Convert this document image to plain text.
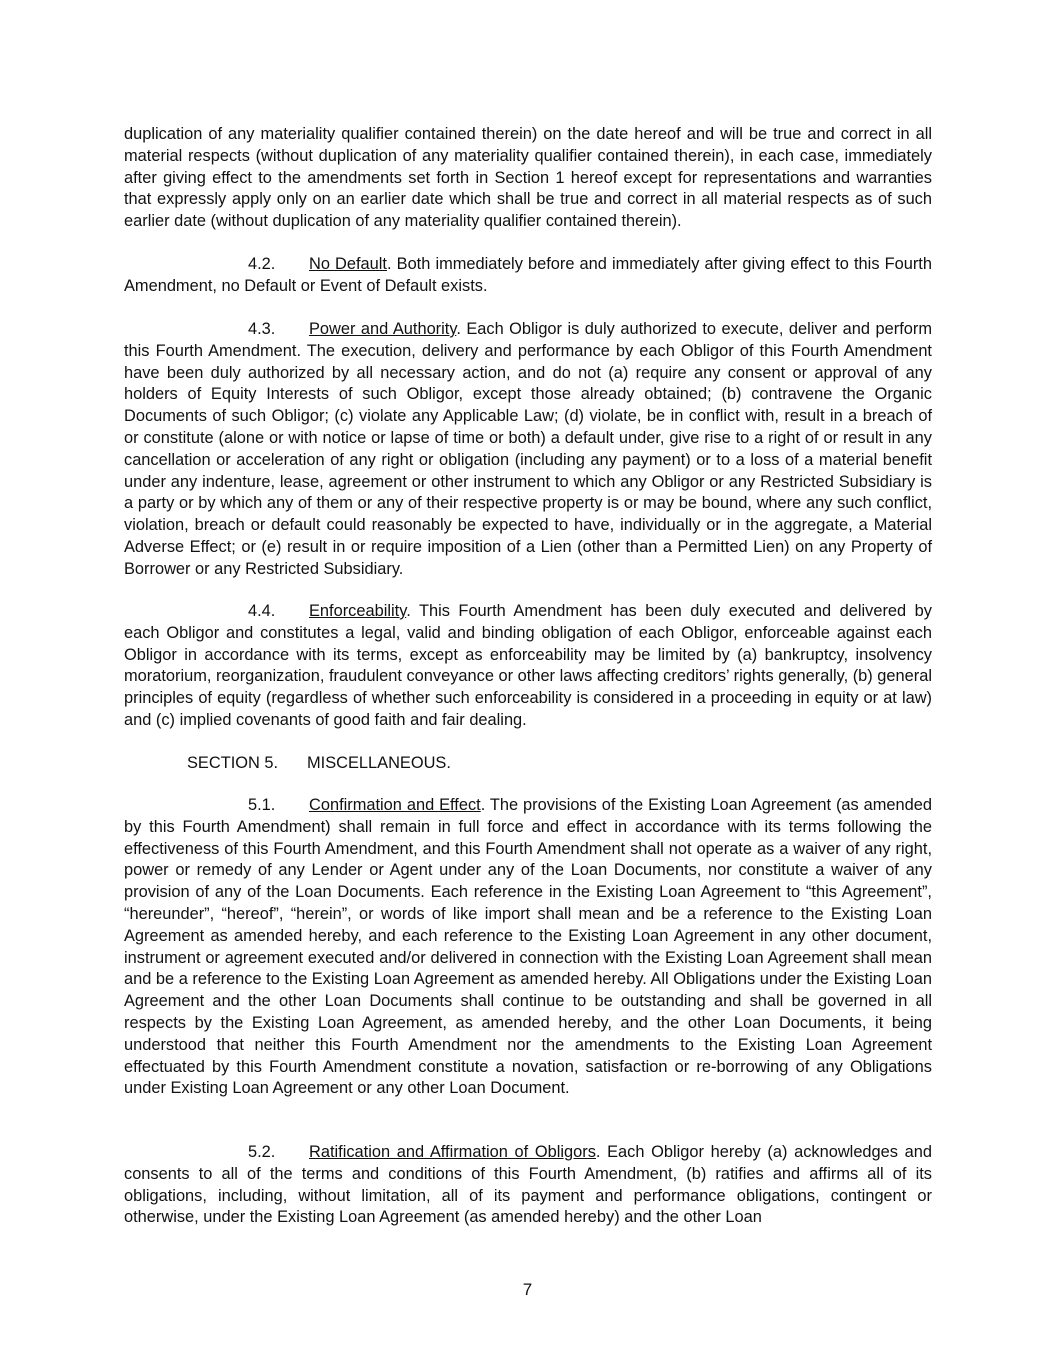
duplication of any materiality qualifier contained therein) on the date hereof and will be true and correct in all material respects (without duplication of any materiality qualifier contained therein), in each case, immediately after giving effect to the amendments set forth in Section 1 hereof except for representations and warranties that expressly apply only on an earlier date which shall be true and correct in all material respects as of such earlier date (without duplication of any materiality qualifier contained therein).

4.2. No Default. Both immediately before and immediately after giving effect to this Fourth Amendment, no Default or Event of Default exists.

4.3. Power and Authority. Each Obligor is duly authorized to execute, deliver and perform this Fourth Amendment. The execution, delivery and performance by each Obligor of this Fourth Amendment have been duly authorized by all necessary action, and do not (a) require any consent or approval of any holders of Equity Interests of such Obligor, except those already obtained; (b) contravene the Organic Documents of such Obligor; (c) violate any Applicable Law; (d) violate, be in conflict with, result in a breach of or constitute (alone or with notice or lapse of time or both) a default under, give rise to a right of or result in any cancellation or acceleration of any right or obligation (including any payment) or to a loss of a material benefit under any indenture, lease, agreement or other instrument to which any Obligor or any Restricted Subsidiary is a party or by which any of them or any of their respective property is or may be bound, where any such conflict, violation, breach or default could reasonably be expected to have, individually or in the aggregate, a Material Adverse Effect; or (e) result in or require imposition of a Lien (other than a Permitted Lien) on any Property of Borrower or any Restricted Subsidiary.

4.4. Enforceability. This Fourth Amendment has been duly executed and delivered by each Obligor and constitutes a legal, valid and binding obligation of each Obligor, enforceable against each Obligor in accordance with its terms, except as enforceability may be limited by (a) bankruptcy, insolvency moratorium, reorganization, fraudulent conveyance or other laws affecting creditors’ rights generally, (b) general principles of equity (regardless of whether such enforceability is considered in a proceeding in equity or at law) and (c) implied covenants of good faith and fair dealing.

SECTION 5. MISCELLANEOUS.

5.1. Confirmation and Effect. The provisions of the Existing Loan Agreement (as amended by this Fourth Amendment) shall remain in full force and effect in accordance with its terms following the effectiveness of this Fourth Amendment, and this Fourth Amendment shall not operate as a waiver of any right, power or remedy of any Lender or Agent under any of the Loan Documents, nor constitute a waiver of any provision of any of the Loan Documents. Each reference in the Existing Loan Agreement to “this Agreement”, “hereunder”, “hereof”, “herein”, or words of like import shall mean and be a reference to the Existing Loan Agreement as amended hereby, and each reference to the Existing Loan Agreement in any other document, instrument or agreement executed and/or delivered in connection with the Existing Loan Agreement shall mean and be a reference to the Existing Loan Agreement as amended hereby. All Obligations under the Existing Loan Agreement and the other Loan Documents shall continue to be outstanding and shall be governed in all respects by the Existing Loan Agreement, as amended hereby, and the other Loan Documents, it being understood that neither this Fourth Amendment nor the amendments to the Existing Loan Agreement effectuated by this Fourth Amendment constitute a novation, satisfaction or re-borrowing of any Obligations under Existing Loan Agreement or any other Loan Document.

5.2. Ratification and Affirmation of Obligors. Each Obligor hereby (a) acknowledges and consents to all of the terms and conditions of this Fourth Amendment, (b) ratifies and affirms all of its obligations, including, without limitation, all of its payment and performance obligations, contingent or otherwise, under the Existing Loan Agreement (as amended hereby) and the other Loan

7
